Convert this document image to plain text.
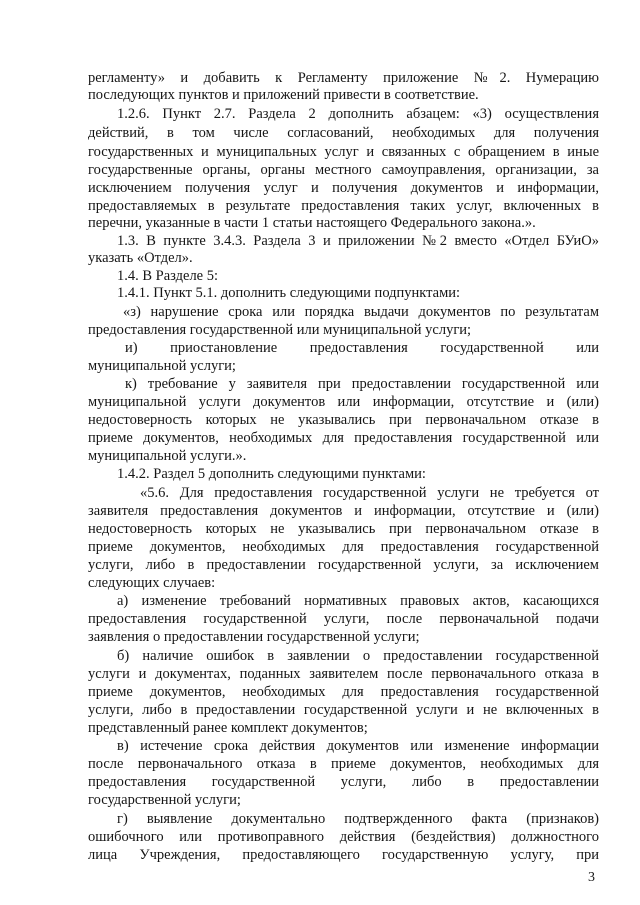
регламенту» и добавить к Регламенту приложение №2. Нумерацию
последующих пунктов и приложений привести в соответствие.
1.2.6. Пункт 2.7. Раздела 2 дополнить абзацем: «3) осуществления
действий, в том числе согласований, необходимых для получения
государственных и муниципальных услуг и связанных с обращением в иные
государственные органы, органы местного самоуправления, организации, за
исключением получения услуг и получения документов и информации,
предоставляемых в результате предоставления таких услуг, включенных в
перечни, указанные в части 1 статьи настоящего Федерального закона.».
1.3. В пункте 3.4.3. Раздела 3 и приложении №2 вместо «Отдел БУиО»
указать «Отдел».
1.4. В Разделе 5:
1.4.1. Пункт 5.1. дополнить следующими подпунктами:
«з) нарушение срока или порядка выдачи документов по результатам
предоставления государственной или муниципальной услуги;
и) приостановление предоставления государственной или
муниципальной услуги;
к) требование у заявителя при предоставлении государственной или
муниципальной услуги документов или информации, отсутствие и (или)
недостоверность которых не указывались при первоначальном отказе в
приеме документов, необходимых для предоставления государственной или
муниципальной услуги.».
1.4.2. Раздел 5 дополнить следующими пунктами:
«5.6. Для предоставления государственной услуги не требуется от
заявителя предоставления документов и информации, отсутствие и (или)
недостоверность которых не указывались при первоначальном отказе в
приеме документов, необходимых для предоставления государственной
услуги, либо в предоставлении государственной услуги, за исключением
следующих случаев:
а) изменение требований нормативных правовых актов, касающихся
предоставления государственной услуги, после первоначальной подачи
заявления о предоставлении государственной услуги;
б) наличие ошибок в заявлении о предоставлении государственной
услуги и документах, поданных заявителем после первоначального отказа в
приеме документов, необходимых для предоставления государственной
услуги, либо в предоставлении государственной услуги и не включенных в
представленный ранее комплект документов;
в) истечение срока действия документов или изменение информации
после первоначального отказа в приеме документов, необходимых для
предоставления государственной услуги, либо в предоставлении
государственной услуги;
г) выявление документально подтвержденного факта (признаков)
ошибочного или противоправного действия (бездействия) должностного
лица Учреждения, предоставляющего государственную услугу, при
3
